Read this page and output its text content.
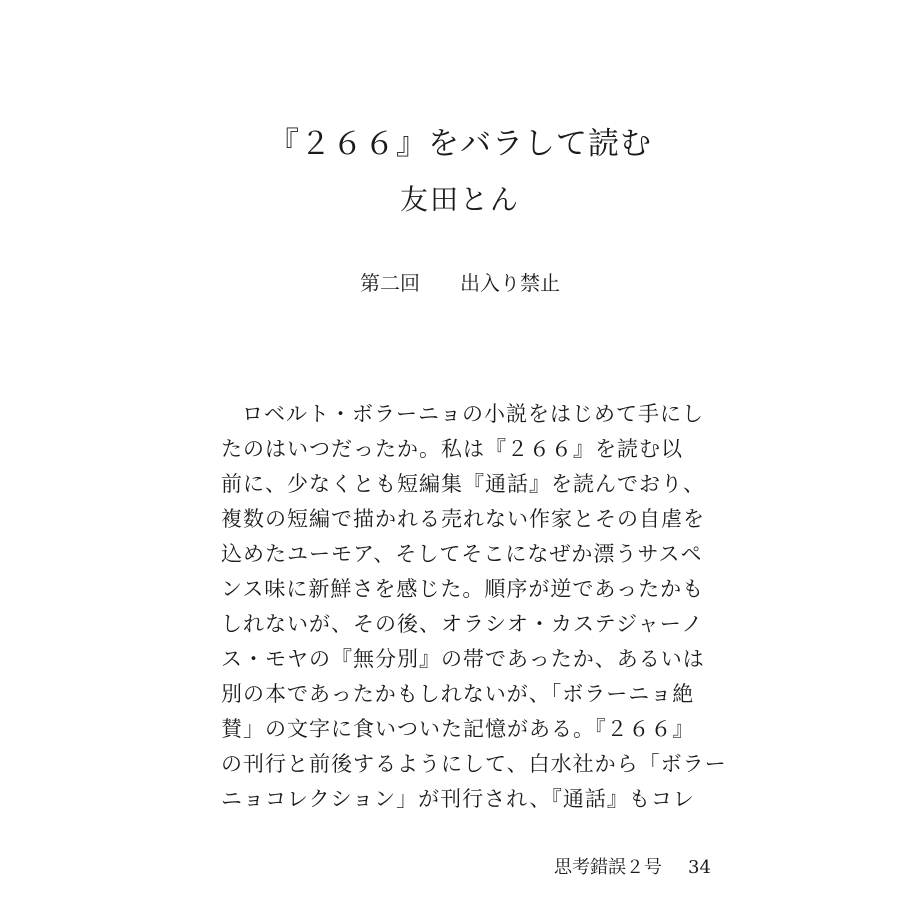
『２６６』をバラして読む
友田とん
第二回　　出入り禁止
ロベルト・ボラーニョの小説をはじめて手にし
たのはいつだったか。私は『２６６』を読む以
前に、少なくとも短編集『通話』を読んでおり、
複数の短編で描かれる売れない作家とその自虐を
込めたユーモア、そしてそこになぜか漂うサスペ
ンス味に新鮮さを感じた。順序が逆であったかも
しれないが、その後、オラシオ・カステジャーノ
ス・モヤの『無分別』の帯であったか、あるいは
別の本であったかもしれないが、「ボラーニョ絶
賛」の文字に食いついた記憶がある。『２６６』
の刊行と前後するようにして、白水社から「ボラー
ニョコレクション」が刊行され、『通話』もコレ
思考錯誤２号 34
